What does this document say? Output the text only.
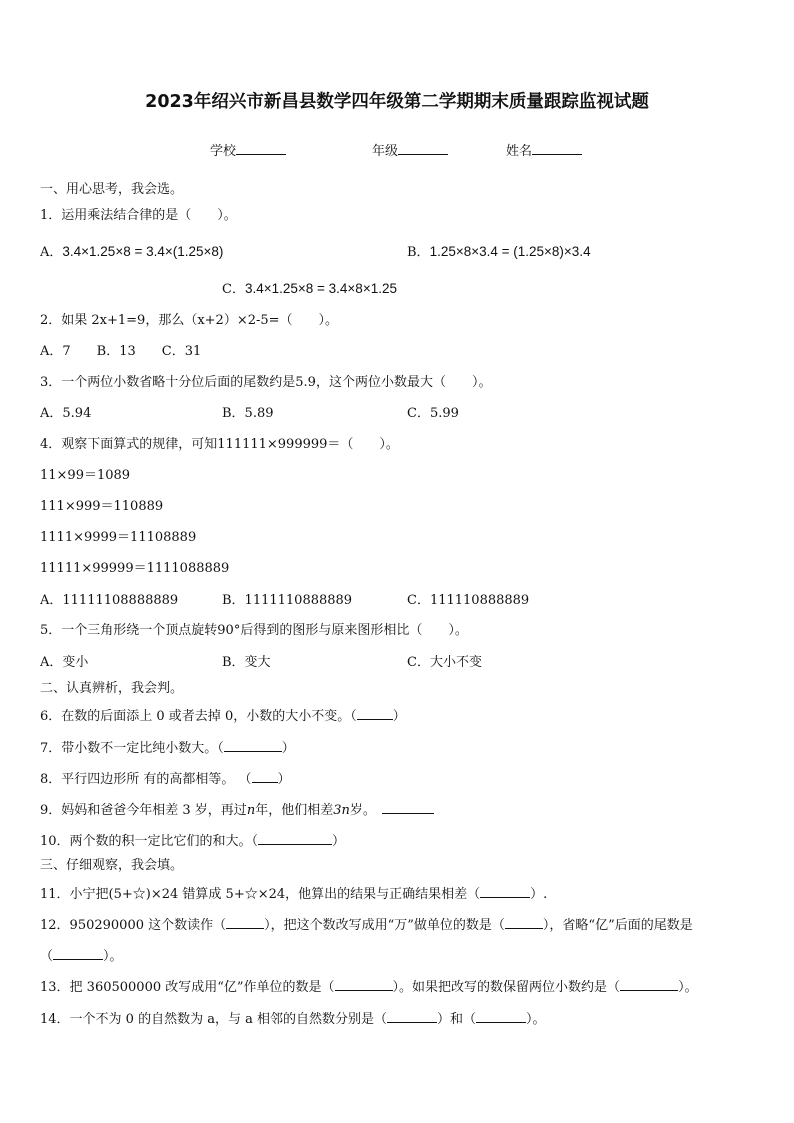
2023年绍兴市新昌县数学四年级第二学期期末质量跟踪监视试题
学校	年级	姓名
一、用心思考，我会选。
1．运用乘法结合律的是（　　）。
A．3.4×1.25×8 = 3.4×(1.25×8)	B．1.25×8×3.4 = (1.25×8)×3.4
C．3.4×1.25×8 = 3.4×8×1.25
2．如果 2x+1=9，那么（x+2）×2-5=（　　）。
A．7　　B．13　　C．31
3．一个两位小数省略十分位后面的尾数约是5.9，这个两位小数最大（　　）。
A．5.94	B．5.89	C．5.99
4．观察下面算式的规律，可知111111×999999＝（　　）。
11×99＝1089
111×999＝110889
1111×9999＝11108889
11111×99999＝1111088889
A．11111108888889	B．1111110888889	C．111110888889
5．一个三角形绕一个顶点旋转90°后得到的图形与原来图形相比（　　）。
A．变小	B．变大	C．大小不变
二、认真辨析，我会判。
6．在数的后面添上 0 或者去掉 0，小数的大小不变。（	）
7．带小数不一定比纯小数大。（	）
8．平行四边形所 有的高都相等。 （ ）
9．妈妈和爸爸今年相差 3 岁，再过n年，他们相差3n岁。
10．两个数的积一定比它们的和大。（	）
三、仔细观察，我会填。
11．小宁把(5+☆)×24 错算成 5+☆×24，他算出的结果与正确结果相差（	）.
12．950290000 这个数读作（	），把这个数改写成用“万”做单位的数是（	），省略“亿”后面的尾数是
（	）。
13．把 360500000 改写成用“亿”作单位的数是（	）。如果把改写的数保留两位小数约是（	）。
14．一个不为 0 的自然数为 a，与 a 相邻的自然数分别是（	）和（	）。
